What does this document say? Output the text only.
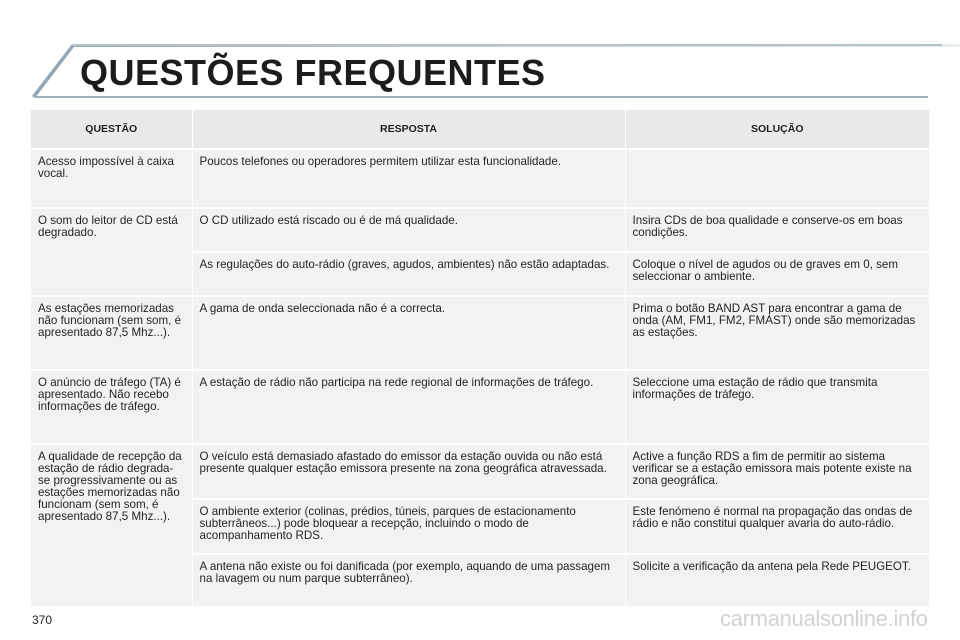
QUESTÕES FREQUENTES
QUESTÃO	RESPOSTA	SOLUÇÃO
Acesso impossível à caixa vocal.	Poucos telefones ou operadores permitem utilizar esta funcionalidade.	
O som do leitor de CD está degradado.	O CD utilizado está riscado ou é de má qualidade.	Insira CDs de boa qualidade e conserve-os em boas condições.
	As regulações do auto-rádio (graves, agudos, ambientes) não estão adaptadas.	Coloque o nível de agudos ou de graves em 0, sem seleccionar o ambiente.
As estações memorizadas não funcionam (sem som, é apresentado 87,5 Mhz...).	A gama de onda seleccionada não é a correcta.	Prima o botão BAND AST para encontrar a gama de onda (AM, FM1, FM2, FMAST) onde são memorizadas as estações.
O anúncio de tráfego (TA) é apresentado. Não recebo informações de tráfego.	A estação de rádio não participa na rede regional de informações de tráfego.	Seleccione uma estação de rádio que transmita informações de tráfego.
A qualidade de recepção da estação de rádio degrada-se progressivamente ou as estações memorizadas não funcionam (sem som, é apresentado 87,5 Mhz...).	O veículo está demasiado afastado do emissor da estação ouvida ou não está presente qualquer estação emissora presente na zona geográfica atravessada.	Active a função RDS a fim de permitir ao sistema verificar se a estação emissora mais potente existe na zona geográfica.
	O ambiente exterior (colinas, prédios, túneis, parques de estacionamento subterrâneos...) pode bloquear a recepção, incluindo o modo de acompanhamento RDS.	Este fenómeno é normal na propagação das ondas de rádio e não constitui qualquer avaria do auto-rádio.
	A antena não existe ou foi danificada (por exemplo, aquando de uma passagem na lavagem ou num parque subterrâneo).	Solicite a verificação da antena pela Rede PEUGEOT.

370	carmanualsonline.info
